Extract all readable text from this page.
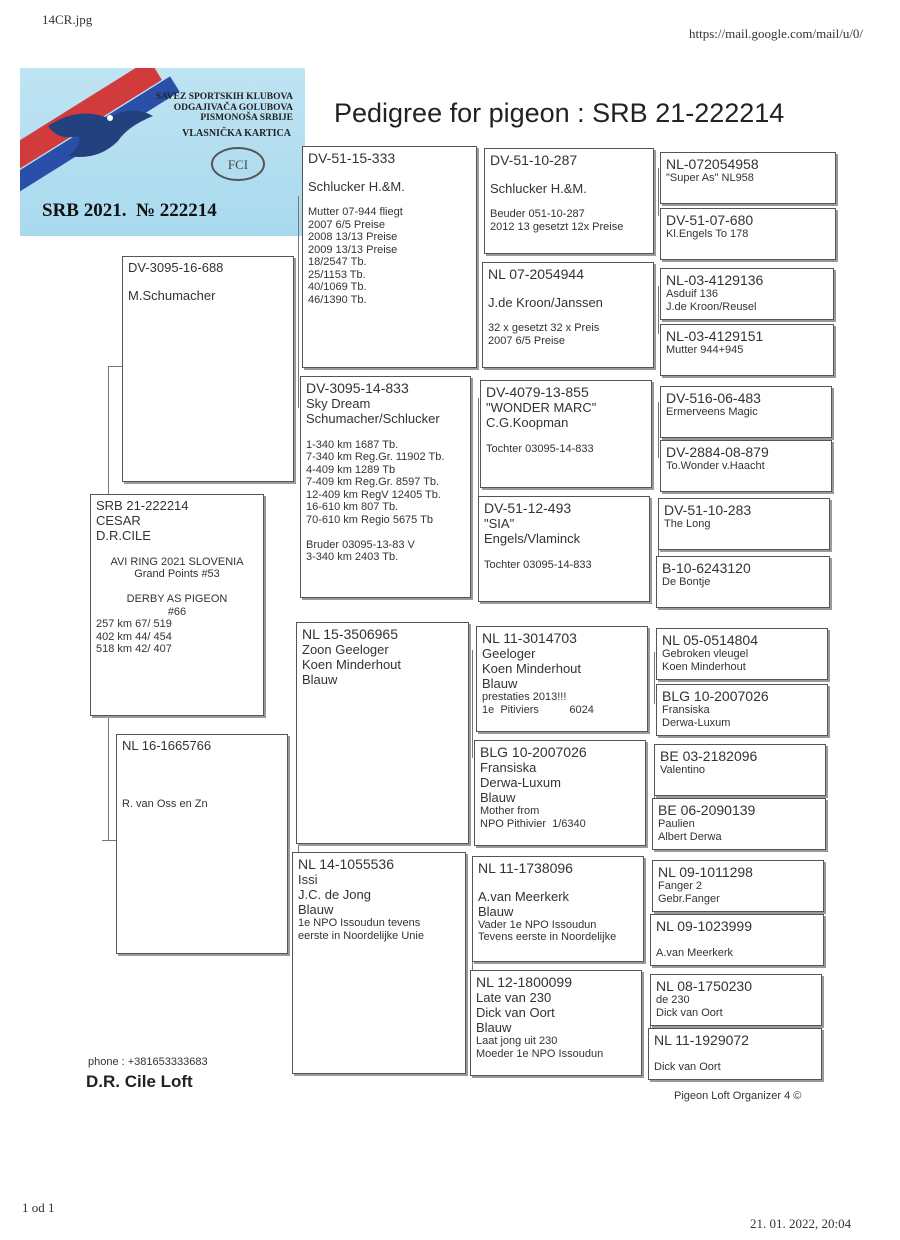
14CR.jpg
https://mail.google.com/mail/u/0/
1 od 1
21. 01. 2022, 20:04
FCI
SAVEZ SPORTSKIH KLUBOVA
ODGAJIVAČA GOLUBOVA
PISMONOŠA SRBIJE
VLASNIČKA KARTICA
SRB 2021.  № 222214
Pedigree for pigeon : SRB 21-222214
SRB 21-222214
CESAR
D.R.CILE

AVI RING 2021 SLOVENIA
Grand Points #53

DERBY AS PIGEON
#66
257 km 67/ 519
402 km 44/ 454
518 km 42/ 407
DV-3095-16-688

M.Schumacher
NL 16-1665766

R. van Oss en Zn
DV-51-15-333

Schlucker H.&M.

Mutter 07-944 fliegt
2007 6/5 Preise
2008 13/13 Preise
2009 13/13 Preise
18/2547 Tb.
25/1153 Tb.
40/1069 Tb.
46/1390 Tb.
DV-3095-14-833
Sky Dream
Schumacher/Schlucker

1-340 km 1687 Tb.
7-340 km Reg.Gr. 11902 Tb.
4-409 km 1289 Tb
7-409 km Reg.Gr. 8597 Tb.
12-409 km RegV 12405 Tb.
16-610 km 807 Tb.
70-610 km Regio 5675 Tb

Bruder 03095-13-83 V
3-340 km 2403 Tb.
NL 15-3506965
Zoon Geeloger
Koen Minderhout
Blauw
NL 14-1055536
Issi
J.C. de Jong
Blauw
1e NPO Issoudun tevens
eerste in Noordelijke Unie
DV-51-10-287

Schlucker H.&M.

Beuder 051-10-287
2012 13 gesetzt 12x Preise
NL 07-2054944

J.de Kroon/Janssen

32 x gesetzt 32 x Preis
2007 6/5 Preise
DV-4079-13-855
"WONDER MARC"
C.G.Koopman

Tochter 03095-14-833
DV-51-12-493
"SIA"
Engels/Vlaminck

Tochter 03095-14-833
NL 11-3014703
Geeloger
Koen Minderhout
Blauw
prestaties 2013!!!
1e  Pitiviers          6024
BLG 10-2007026
Fransiska
Derwa-Luxum
Blauw
Mother from
NPO Pithivier  1/6340
NL 11-1738096

A.van Meerkerk
Blauw
Vader 1e NPO Issoudun
Tevens eerste in Noordelijke
NL 12-1800099
Late van 230
Dick van Oort
Blauw
Laat jong uit 230
Moeder 1e NPO Issoudun
NL-072054958
"Super As" NL958
DV-51-07-680
Kl.Engels To 178
NL-03-4129136
Asduif 136
J.de Kroon/Reusel
NL-03-4129151
Mutter 944+945
DV-516-06-483
Ermerveens Magic
DV-2884-08-879
To.Wonder v.Haacht
DV-51-10-283
The Long
B-10-6243120
De Bontje
NL 05-0514804
Gebroken vleugel
Koen Minderhout
BLG 10-2007026
Fransiska
Derwa-Luxum
BE 03-2182096
Valentino
BE 06-2090139
Paulien
Albert Derwa
NL 09-1011298
Fanger 2
Gebr.Fanger
NL 09-1023999

A.van Meerkerk
NL 08-1750230
de 230
Dick van Oort
NL 11-1929072

Dick van Oort
phone : +381653333683
D.R. Cile Loft
Pigeon Loft Organizer 4 ©
